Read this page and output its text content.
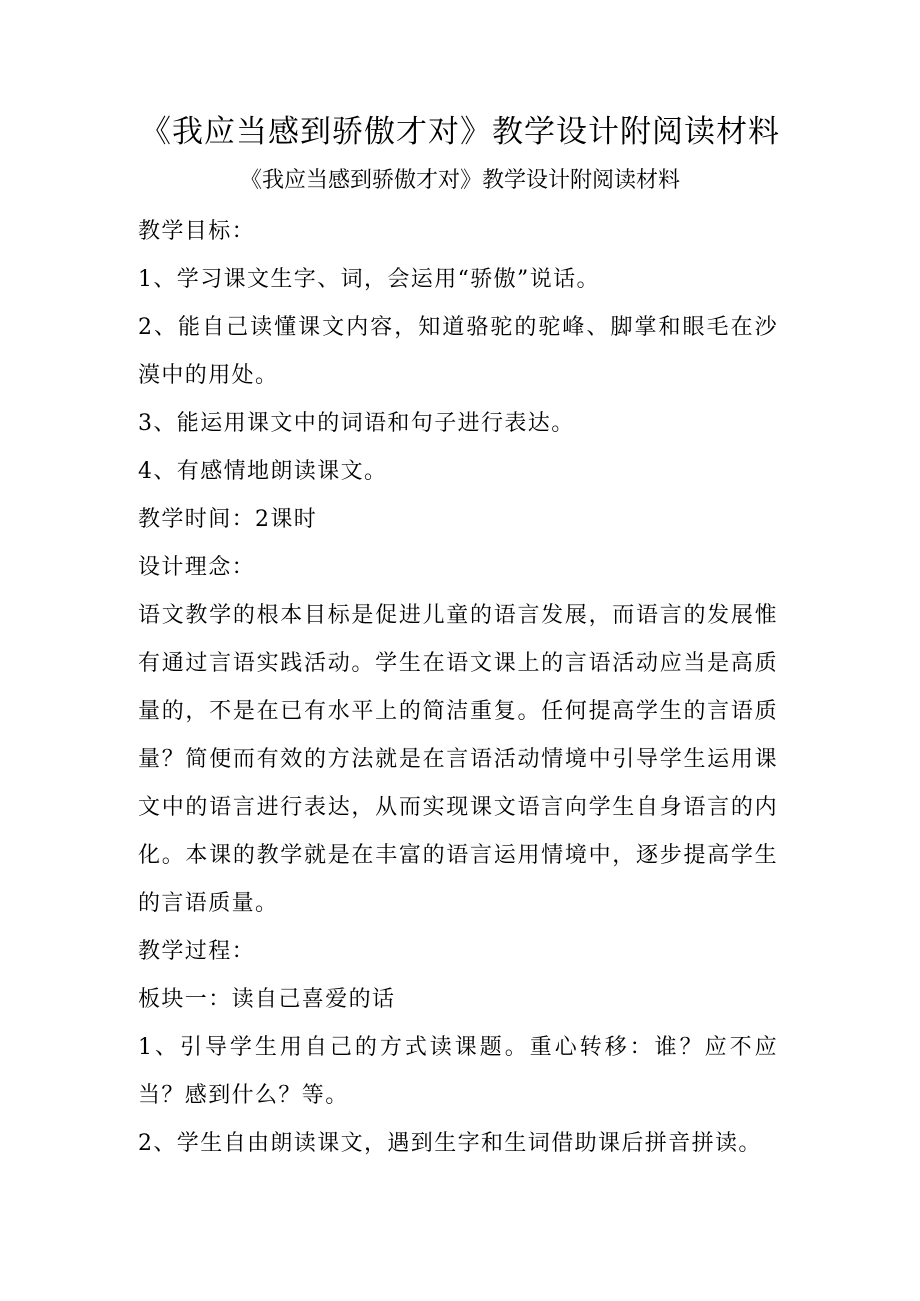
《我应当感到骄傲才对》教学设计附阅读材料
《我应当感到骄傲才对》教学设计附阅读材料

教学目标：

1、学习课文生字、词，会运用“骄傲”说话。

2、能自己读懂课文内容，知道骆驼的驼峰、脚掌和眼毛在沙漠中的用处。

3、能运用课文中的词语和句子进行表达。

4、有感情地朗读课文。

教学时间：2课时

设计理念：

语文教学的根本目标是促进儿童的语言发展，而语言的发展惟有通过言语实践活动。学生在语文课上的言语活动应当是高质量的，不是在已有水平上的简洁重复。任何提高学生的言语质量？简便而有效的方法就是在言语活动情境中引导学生运用课文中的语言进行表达，从而实现课文语言向学生自身语言的内化。本课的教学就是在丰富的语言运用情境中，逐步提高学生的言语质量。

教学过程：

板块一：读自己喜爱的话

1、引导学生用自己的方式读课题。重心转移：谁？应不应当？感到什么？等。

2、学生自由朗读课文，遇到生字和生词借助课后拼音拼读。
